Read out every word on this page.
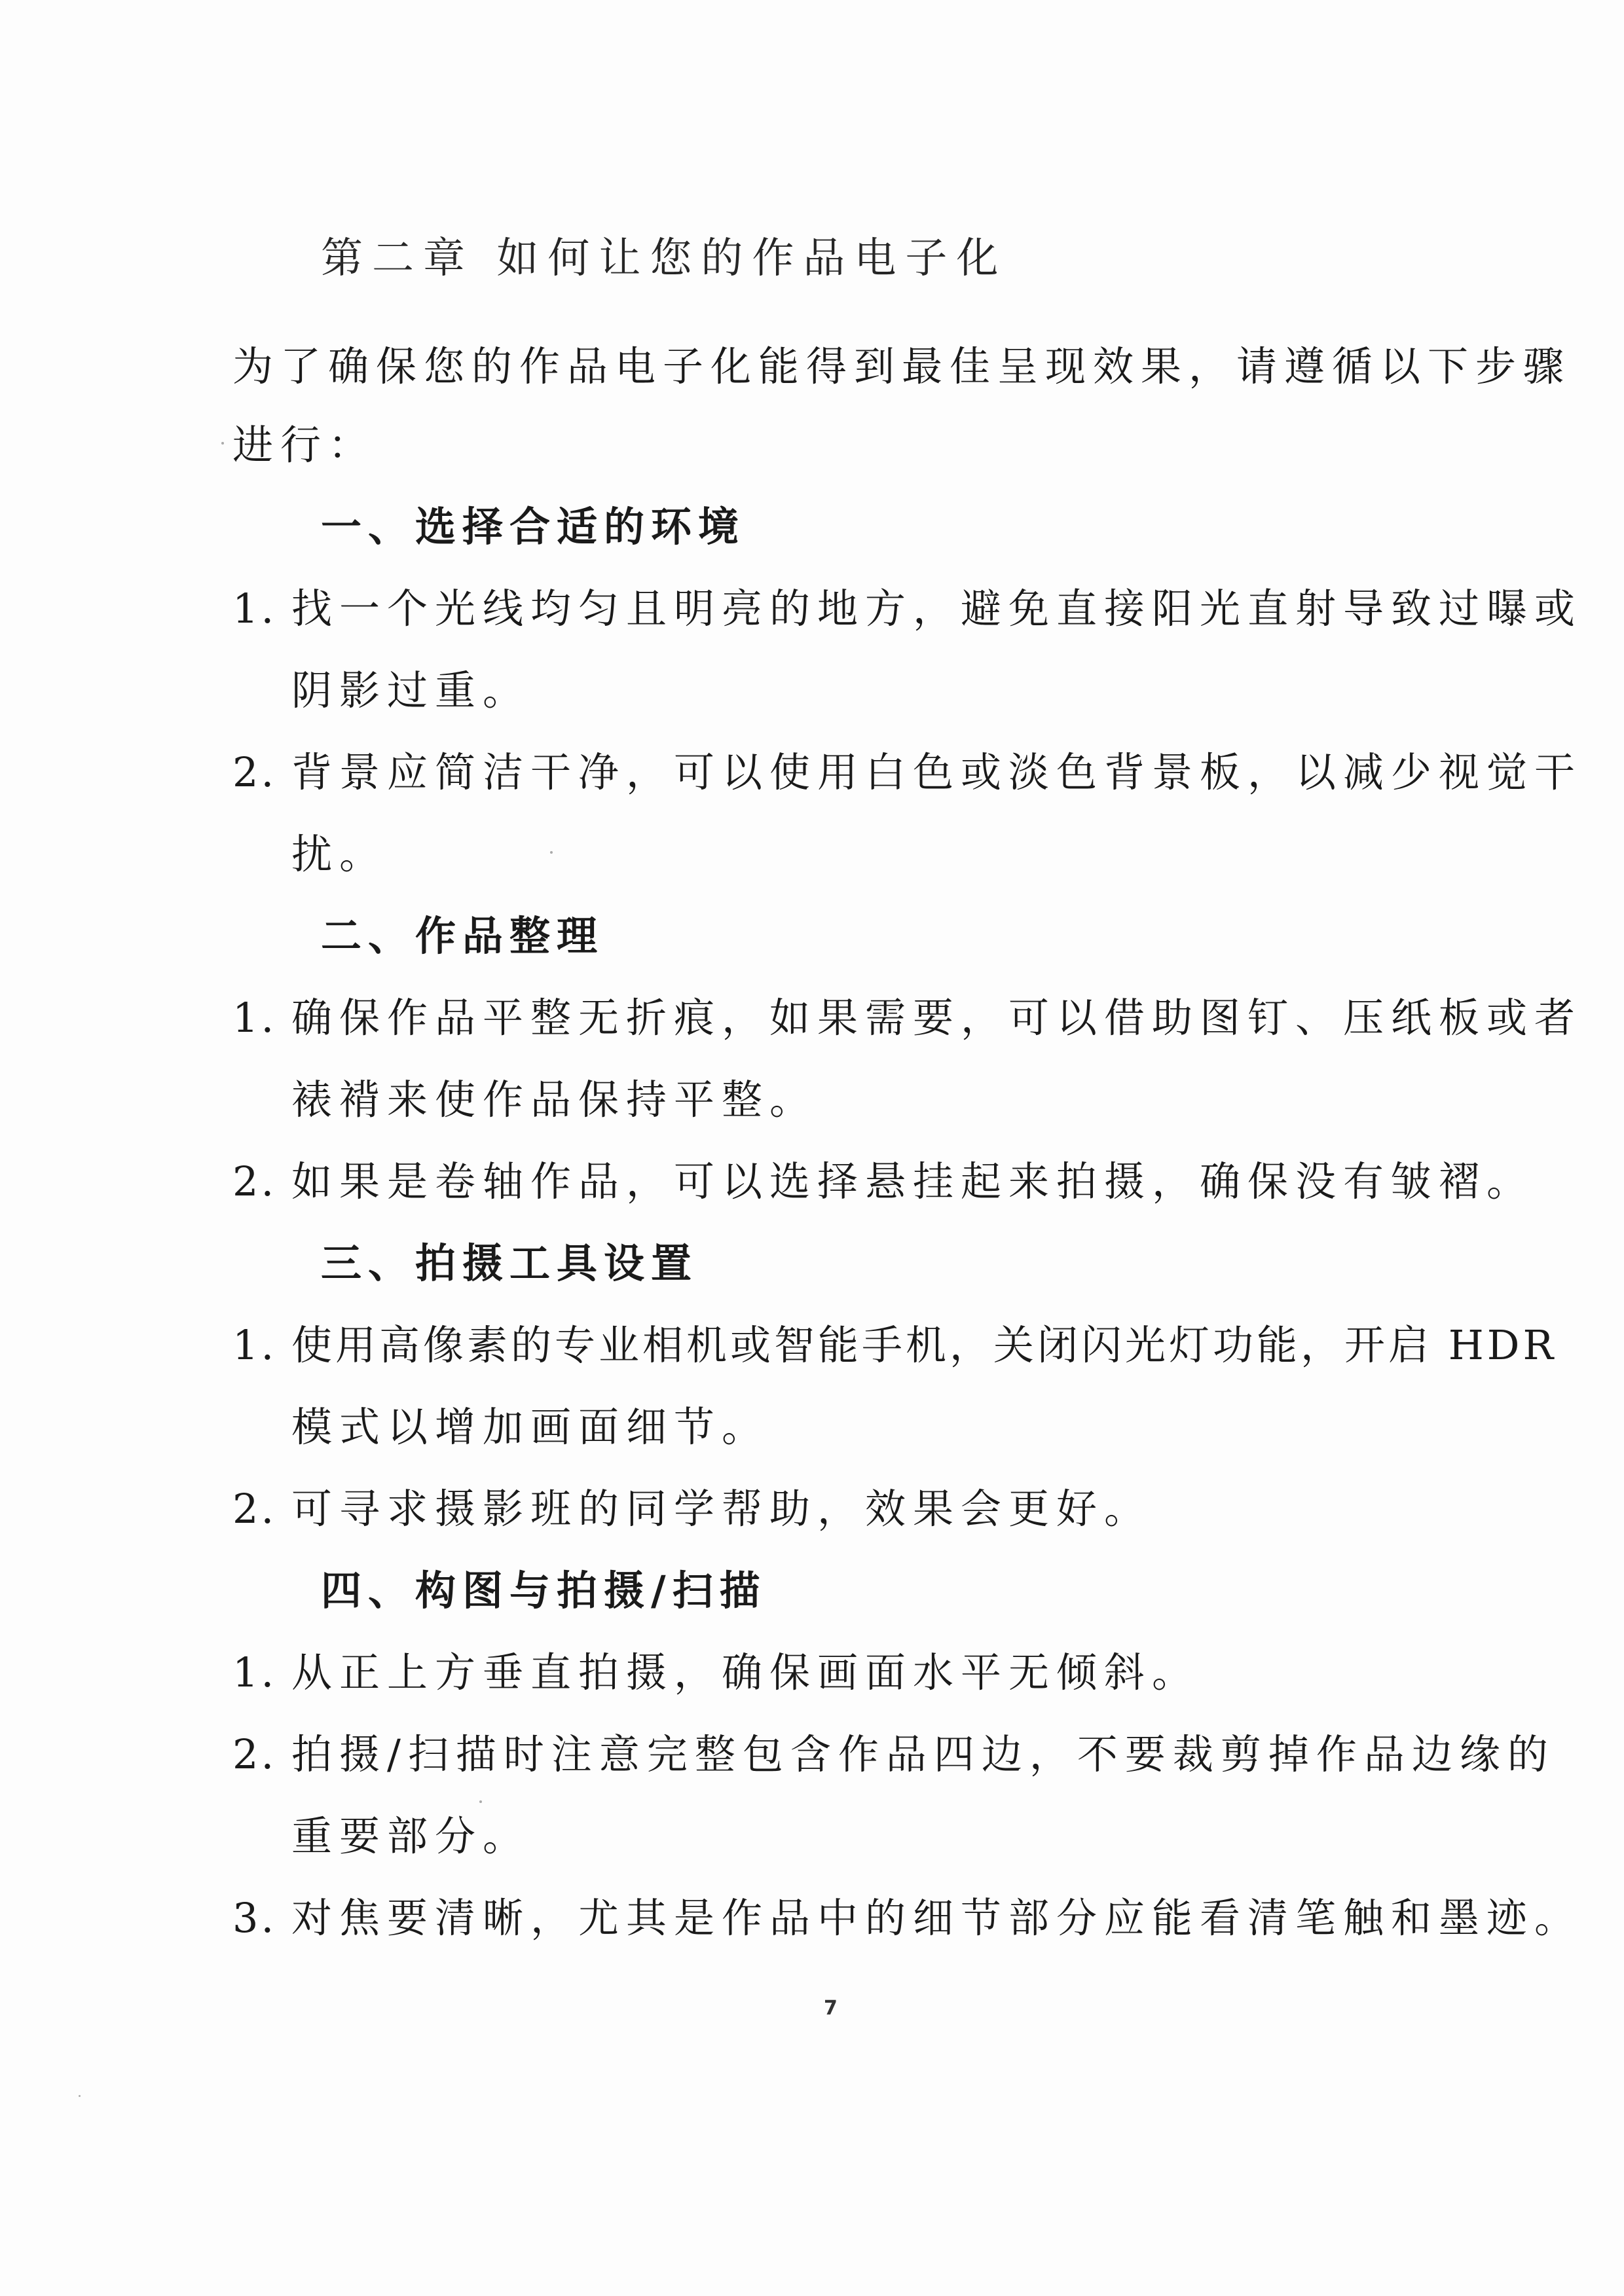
第二章 如何让您的作品电子化
为了确保您的作品电子化能得到最佳呈现效果，请遵循以下步骤
进行：
一、选择合适的环境
1. 找一个光线均匀且明亮的地方，避免直接阳光直射导致过曝或
阴影过重。
2. 背景应简洁干净，可以使用白色或淡色背景板，以减少视觉干
扰。
二、作品整理
1. 确保作品平整无折痕，如果需要，可以借助图钉、压纸板或者
裱褙来使作品保持平整。
2. 如果是卷轴作品，可以选择悬挂起来拍摄，确保没有皱褶。
三、拍摄工具设置
1. 使用高像素的专业相机或智能手机，关闭闪光灯功能，开启 HDR
模式以增加画面细节。
2. 可寻求摄影班的同学帮助，效果会更好。
四、构图与拍摄/扫描
1. 从正上方垂直拍摄，确保画面水平无倾斜。
2. 拍摄/扫描时注意完整包含作品四边，不要裁剪掉作品边缘的
重要部分。
3. 对焦要清晰，尤其是作品中的细节部分应能看清笔触和墨迹。
7
